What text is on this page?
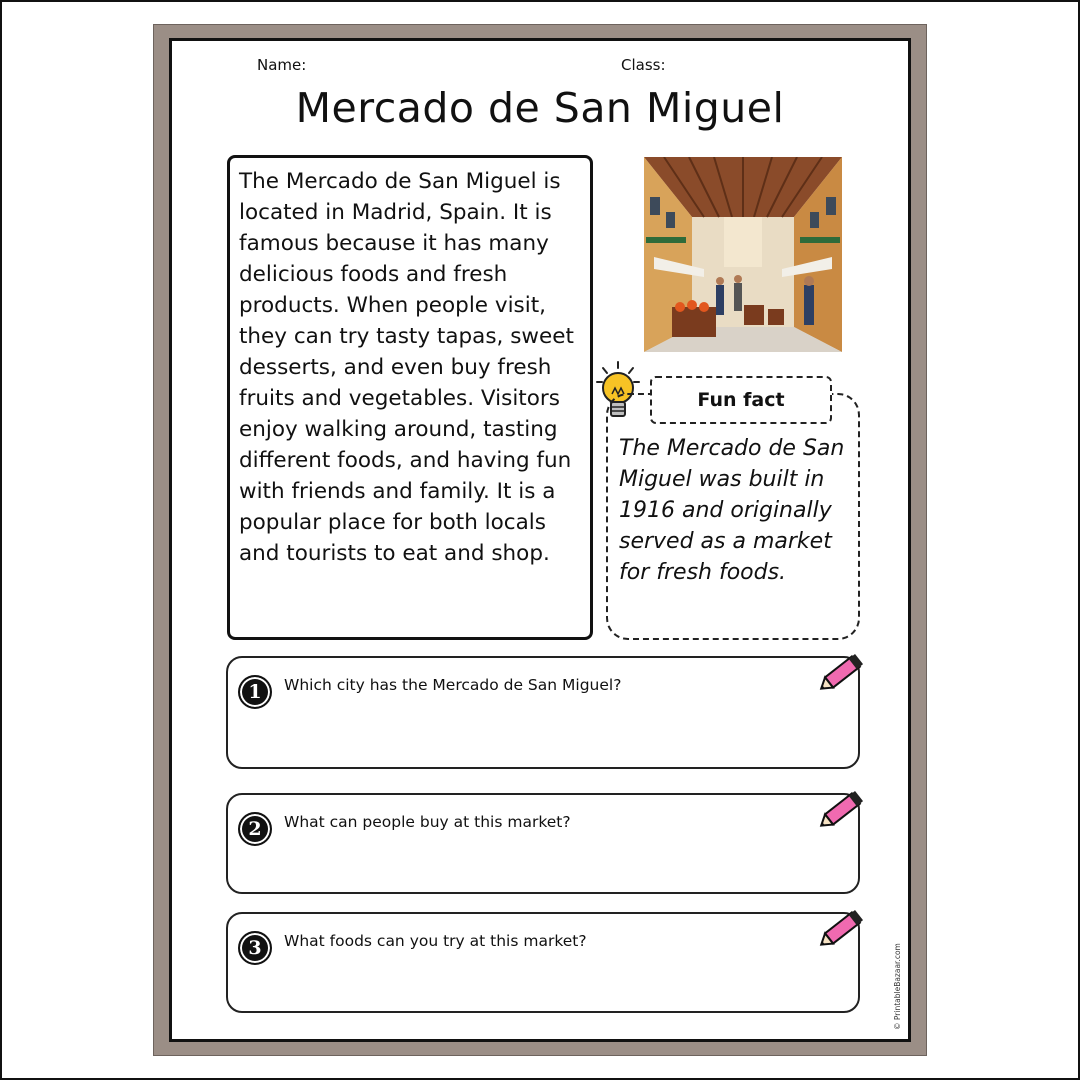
Name:	Class:
Mercado de San Miguel
The Mercado de San Miguel is located in Madrid, Spain. It is famous because it has many delicious foods and fresh products. When people visit, they can try tasty tapas, sweet desserts, and even buy fresh fruits and vegetables. Visitors enjoy walking around, tasting different foods, and having fun with friends and family. It is a popular place for both locals and tourists to eat and shop.
The Mercado de San Miguel was built in 1916 and originally served as a market for fresh foods.
Fun fact
1	Which city has the Mercado de San Miguel?
2	What can people buy at this market?
3	What foods can you try at this market?
© PrintableBazaar.com
